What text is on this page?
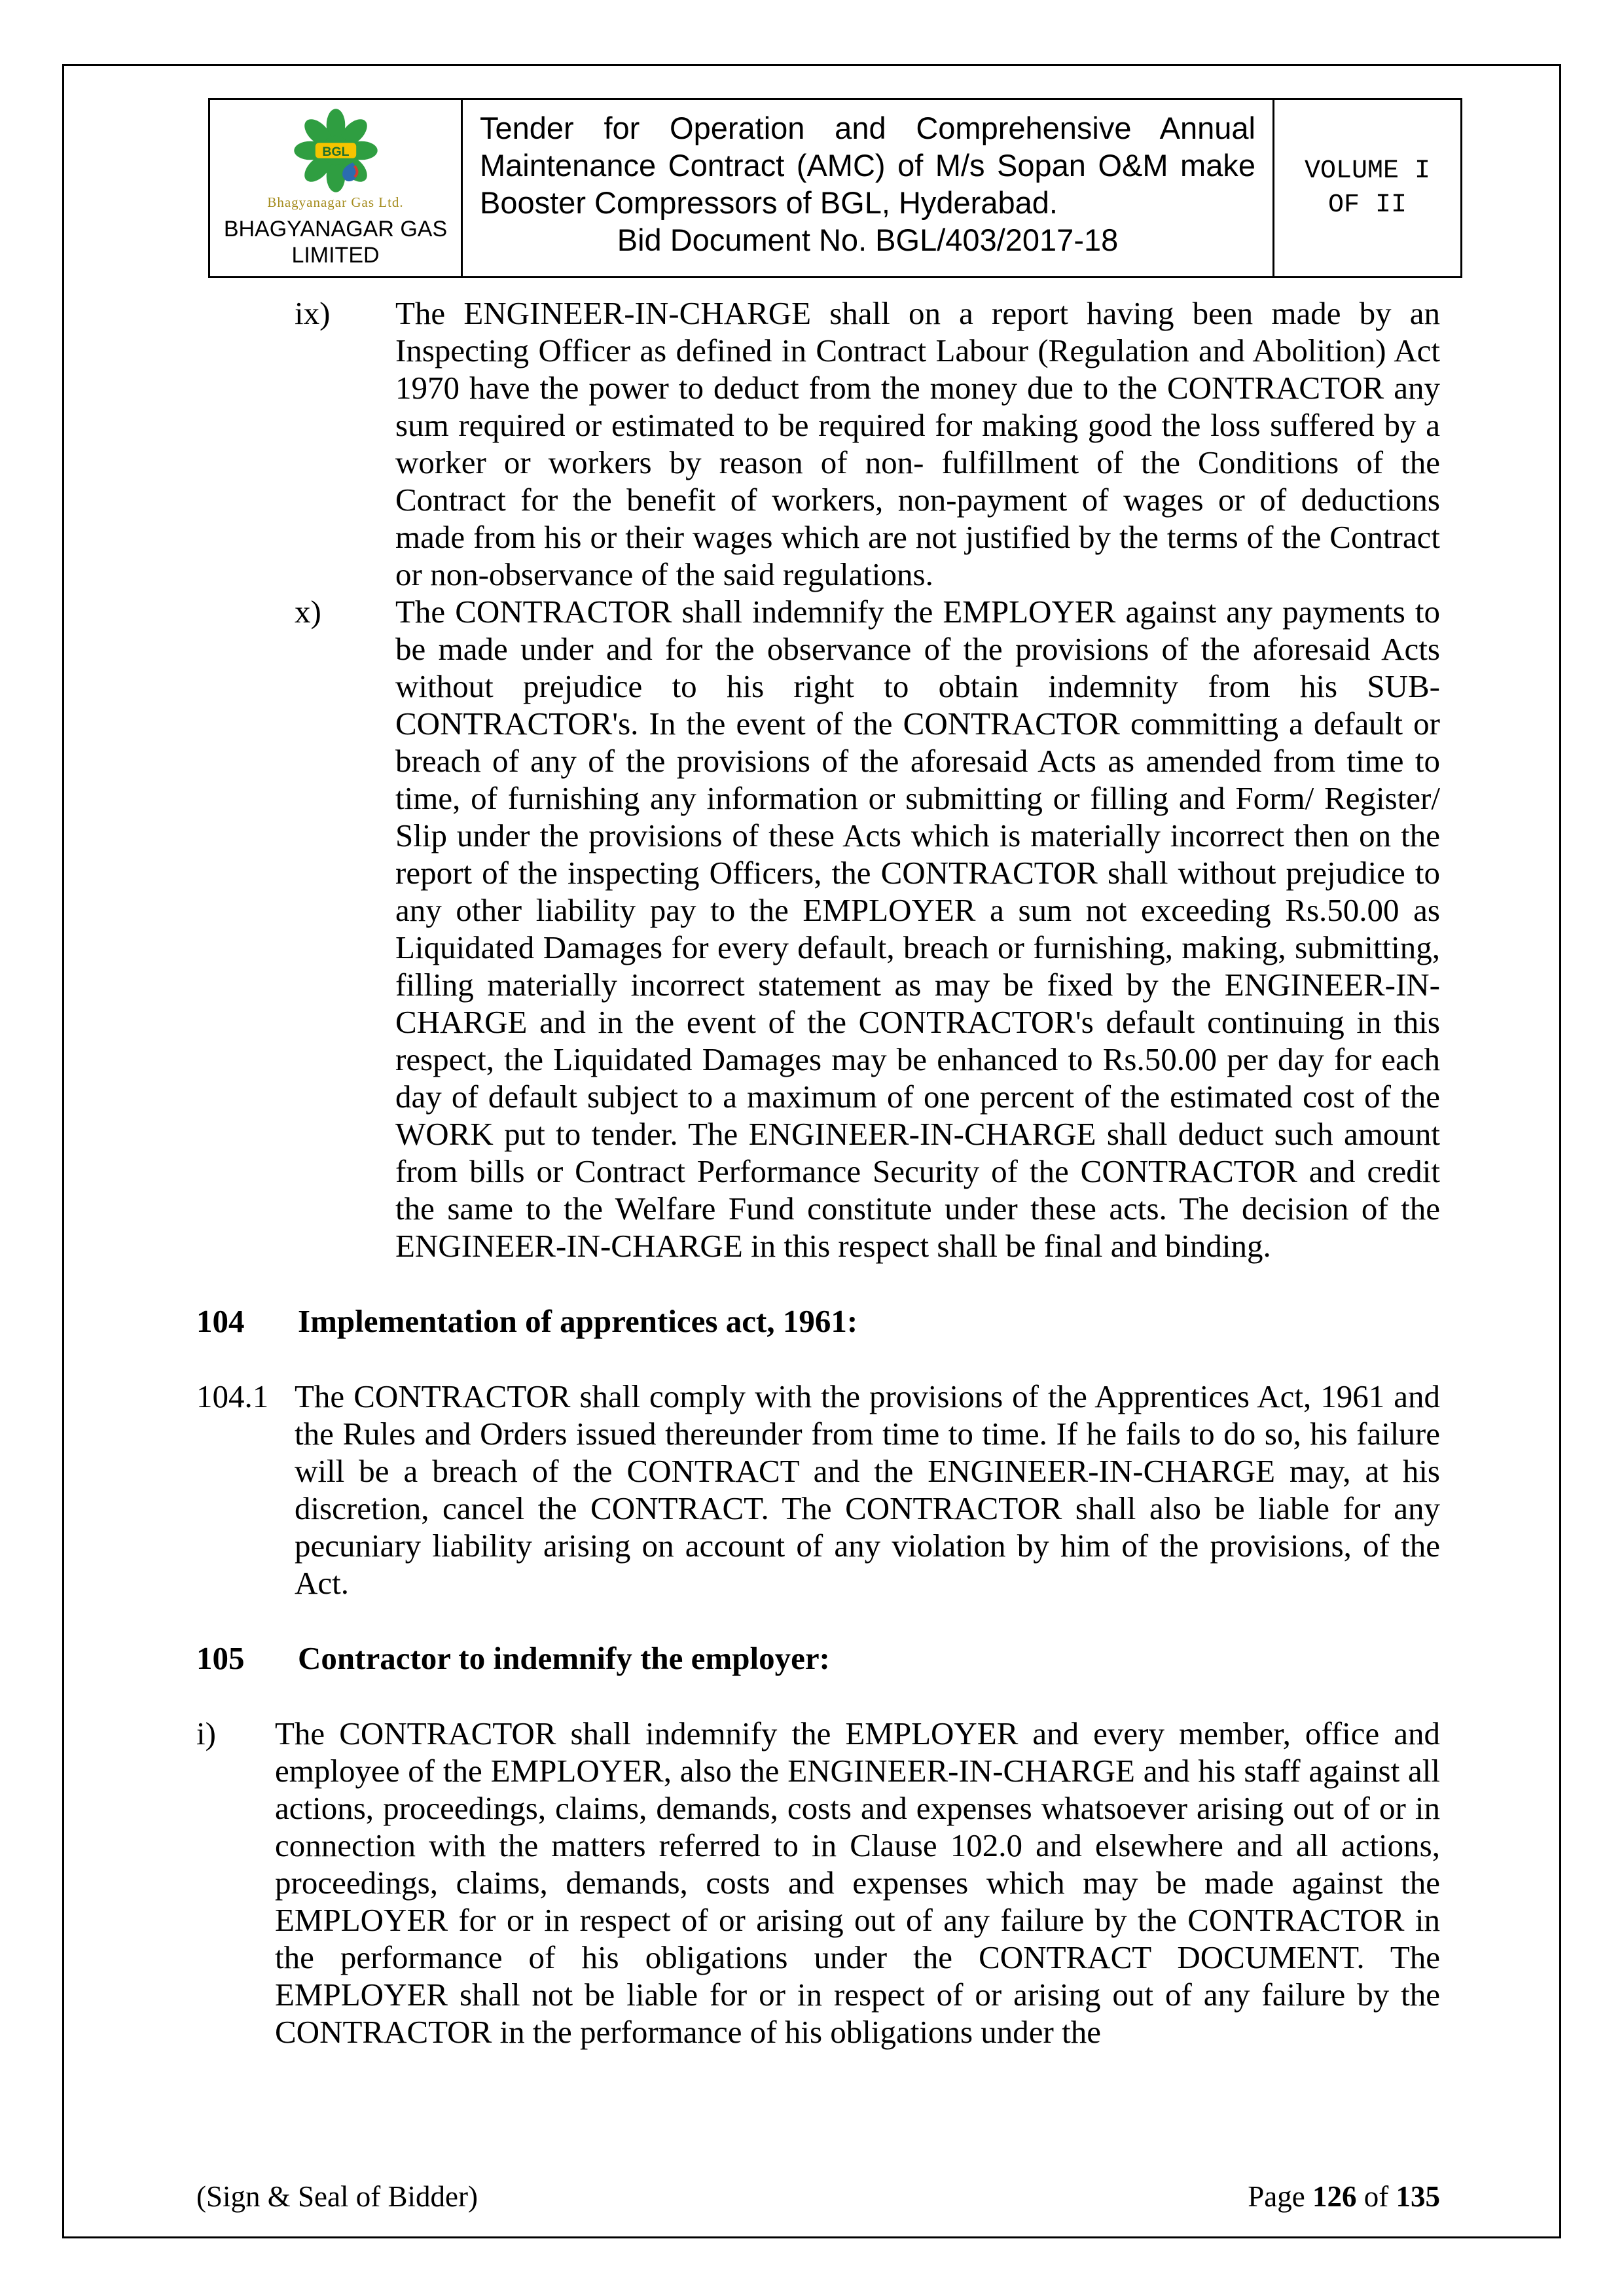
BGL
Bhagyanagar Gas Ltd.
BHAGYANAGAR GAS LIMITED
Tender for Operation and Comprehensive Annual Maintenance Contract (AMC) of M/s Sopan O&M make Booster Compressors of BGL, Hyderabad.
Bid Document No. BGL/403/2017-18
VOLUME I
OF II
ix)	The ENGINEER-IN-CHARGE shall on a report having been made by an Inspecting Officer as defined in Contract Labour (Regulation and Abolition) Act 1970 have the power to deduct from the money due to the CONTRACTOR any sum required or estimated to be required for making good the loss suffered by a worker or workers by reason of non- fulfillment of the Conditions of the Contract for the benefit of workers, non-payment of wages or of deductions made from his or their wages which are not justified by the terms of the Contract or non-observance of the said regulations.
x)	The CONTRACTOR shall indemnify the EMPLOYER against any payments to be made under and for the observance of the provisions of the aforesaid Acts without prejudice to his right to obtain indemnity from his SUB-CONTRACTOR's. In the event of the CONTRACTOR committing a default or breach of any of the provisions of the aforesaid Acts as amended from time to time, of furnishing any information or submitting or filling and Form/ Register/ Slip under the provisions of these Acts which is materially incorrect then on the report of the inspecting Officers, the CONTRACTOR shall without prejudice to any other liability pay to the EMPLOYER a sum not exceeding Rs.50.00 as Liquidated Damages for every default, breach or furnishing, making, submitting, filling materially incorrect statement as may be fixed by the ENGINEER-IN- CHARGE and in the event of the CONTRACTOR's default continuing in this respect, the Liquidated Damages may be enhanced to Rs.50.00 per day for each day of default subject to a maximum of one percent of the estimated cost of the WORK put to tender. The ENGINEER-IN-CHARGE shall deduct such amount from bills or Contract Performance Security of the CONTRACTOR and credit the same to the Welfare Fund constitute under these acts. The decision of the ENGINEER-IN-CHARGE in this respect shall be final and binding.
104	Implementation of apprentices act, 1961:
104.1 The CONTRACTOR shall comply with the provisions of the Apprentices Act, 1961 and the Rules and Orders issued thereunder from time to time. If he fails to do so, his failure will be a breach of the CONTRACT and the ENGINEER-IN-CHARGE may, at his discretion, cancel the CONTRACT. The CONTRACTOR shall also be liable for any pecuniary liability arising on account of any violation by him of the provisions, of the Act.
105	Contractor to indemnify the employer:
i)	The CONTRACTOR shall indemnify the EMPLOYER and every member, office and employee of the EMPLOYER, also the ENGINEER-IN-CHARGE and his staff against all actions, proceedings, claims, demands, costs and expenses whatsoever arising out of or in connection with the matters referred to in Clause 102.0 and elsewhere and all actions, proceedings, claims, demands, costs and expenses which may be made against the EMPLOYER for or in respect of or arising out of any failure by the CONTRACTOR in the performance of his obligations under the CONTRACT DOCUMENT. The EMPLOYER shall not be liable for or in respect of or arising out of any failure by the CONTRACTOR in the performance of his obligations under the
(Sign & Seal of Bidder)	Page 126 of 135
